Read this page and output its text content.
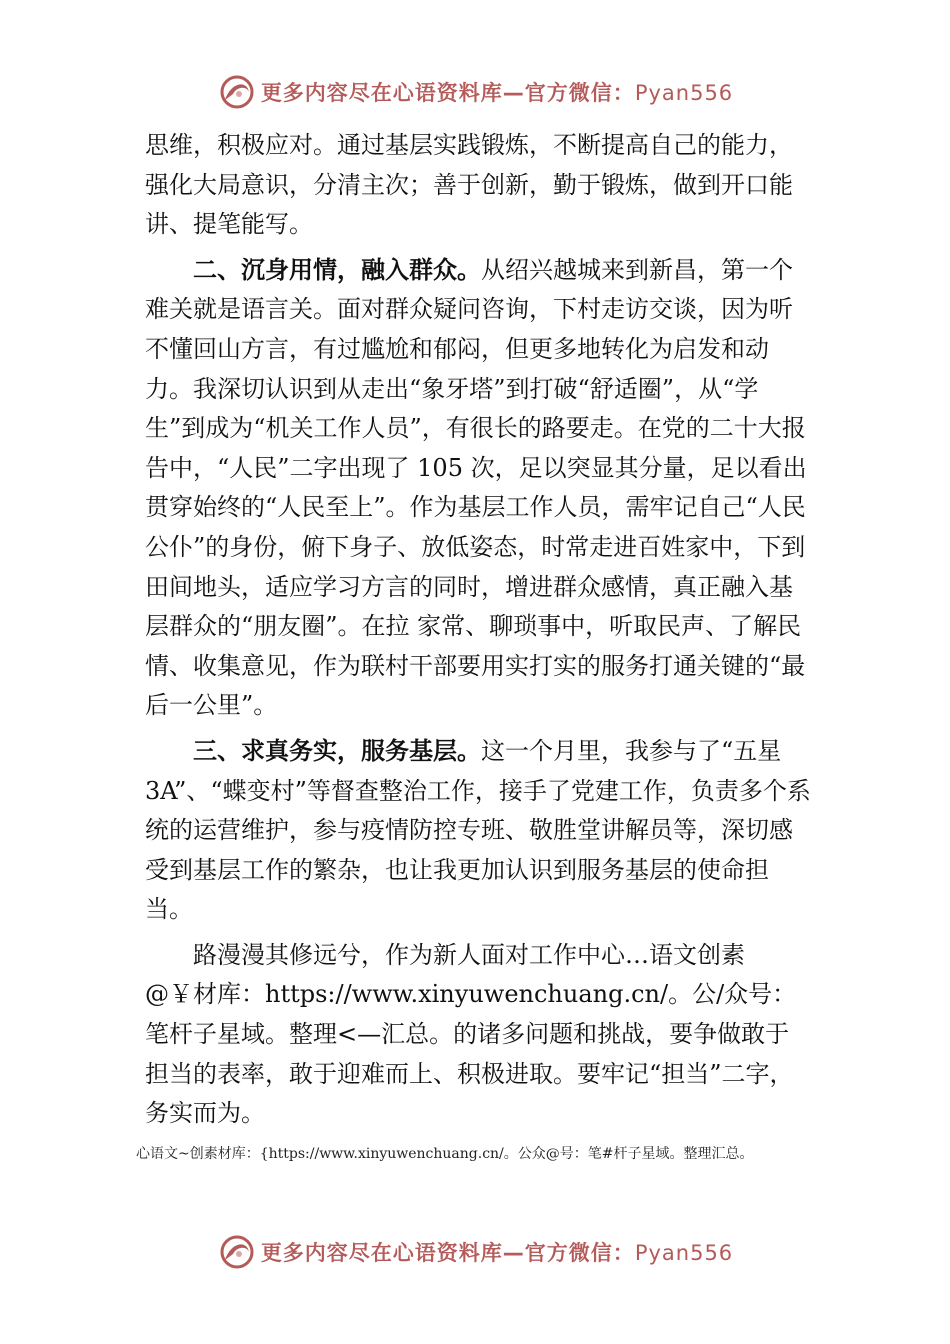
更多内容尽在心语资料库—官方微信：Pyan556

思维，积极应对。通过基层实践锻炼，不断提高自己的能力，强化大局意识，分清主次；善于创新，勤于锻炼，做到开口能讲、提笔能写。

二、沉身用情，融入群众。从绍兴越城来到新昌，第一个难关就是语言关。面对群众疑问咨询，下村走访交谈，因为听不懂回山方言，有过尴尬和郁闷，但更多地转化为启发和动力。我深切认识到从走出“象牙塔”到打破“舒适圈”，从“学生”到成为“机关工作人员”，有很长的路要走。在党的二十大报告中，“人民”二字出现了 105 次，足以突显其分量，足以看出贯穿始终的“人民至上”。作为基层工作人员，需牢记自己“人民公仆”的身份，俯下身子、放低姿态，时常走进百姓家中，下到田间地头，适应学习方言的同时，增进群众感情，真正融入基层群众的“朋友圈”。在拉 家常、聊琐事中，听取民声、了解民情、收集意见，作为联村干部要用实打实的服务打通关键的“最后一公里”。

三、求真务实，服务基层。这一个月里，我参与了“五星 3A”、“蝶变村”等督查整治工作，接手了党建工作，负责多个系统的运营维护，参与疫情防控专班、敬胜堂讲解员等，深切感受到基层工作的繁杂，也让我更加认识到服务基层的使命担当。

路漫漫其修远兮，作为新人面对工作中心…语文创素@￥材库：https://www.xinyuwenchuang.cn/。公/众号：笔杆子星域。整理<—汇总。的诸多问题和挑战，要争做敢于担当的表率，敢于迎难而上、积极进取。要牢记“担当”二字，务实而为。

心语文~创素材库：{https://www.xinyuwenchuang.cn/。公众@号：笔#杆子星域。整理汇总。
更多内容尽在心语资料库—官方微信：Pyan556
